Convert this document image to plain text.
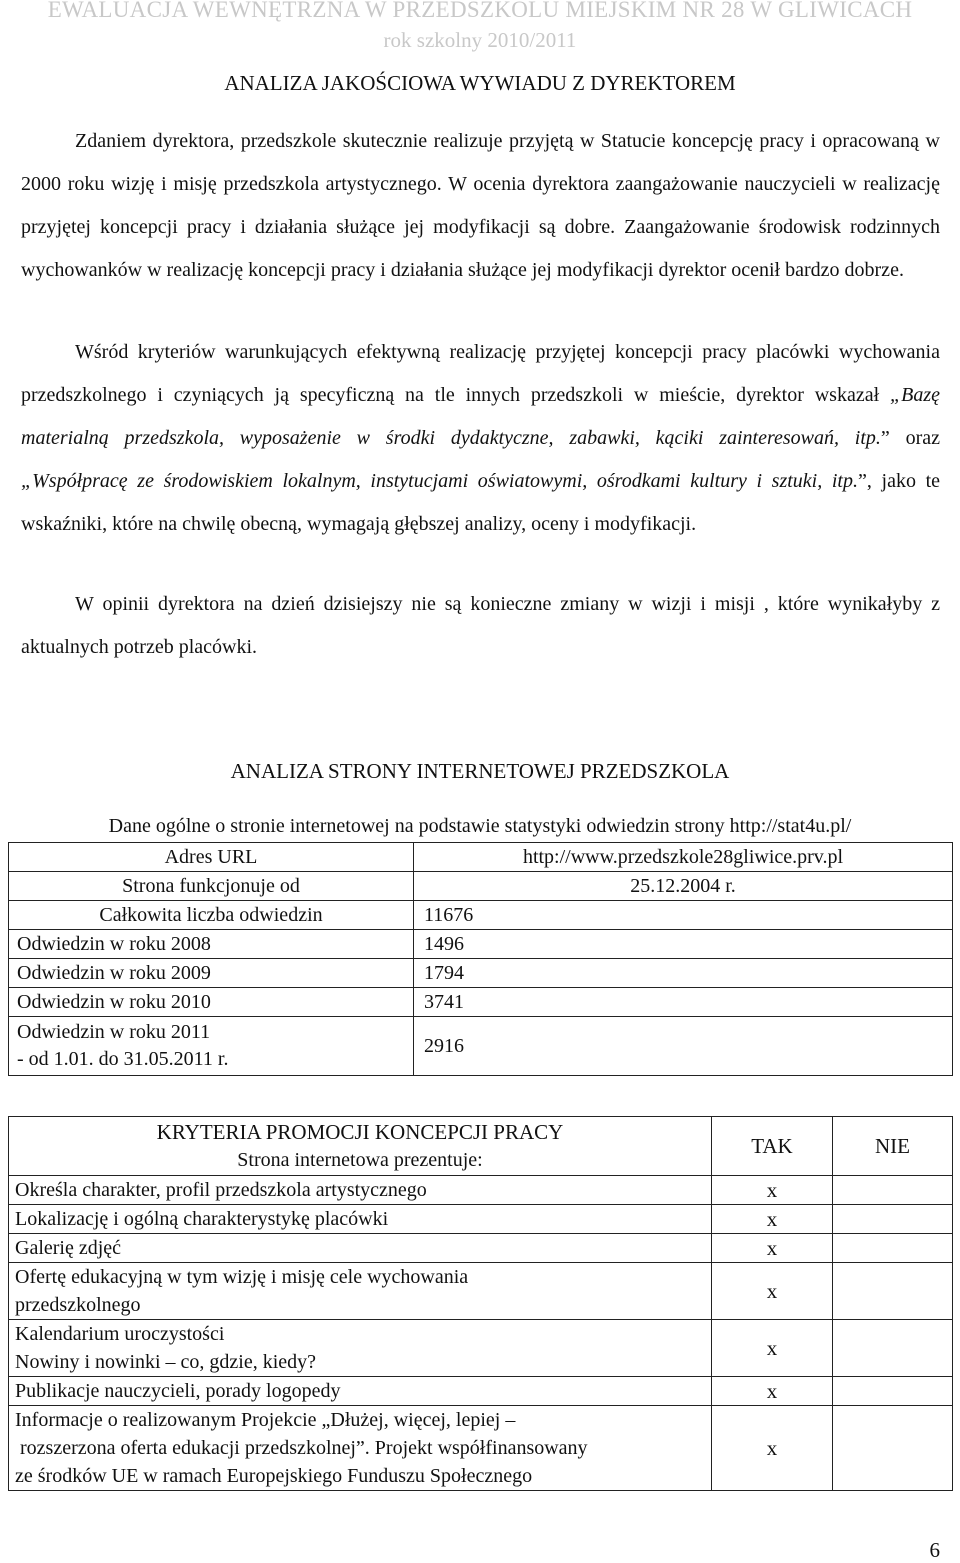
EWALUACJA WEWNĘTRZNA W PRZEDSZKOLU MIEJSKIM NR 28 W GLIWICACH
rok szkolny 2010/2011
ANALIZA JAKOŚCIOWA WYWIADU Z DYREKTOREM
Zdaniem dyrektora, przedszkole skutecznie realizuje przyjętą w Statucie koncepcję pracy i opracowaną w 2000 roku wizję i misję przedszkola artystycznego. W ocenia dyrektora zaangażowanie nauczycieli w realizację przyjętej koncepcji pracy i działania służące jej modyfikacji są dobre. Zaangażowanie środowisk rodzinnych wychowanków w realizację koncepcji pracy i działania służące jej modyfikacji dyrektor ocenił bardzo dobrze.
Wśród kryteriów warunkujących efektywną realizację przyjętej koncepcji pracy placówki wychowania przedszkolnego i czyniących ją specyficzną na tle innych przedszkoli w mieście, dyrektor wskazał „Bazę materialną przedszkola, wyposażenie w środki dydaktyczne, zabawki, kąciki zainteresowań, itp.” oraz „Współpracę ze środowiskiem lokalnym, instytucjami oświatowymi, ośrodkami kultury i sztuki, itp.”, jako te wskaźniki, które na chwilę obecną, wymagają głębszej analizy, oceny i modyfikacji.
W opinii dyrektora na dzień dzisiejszy nie są konieczne zmiany w wizji i misji , które wynikałyby z aktualnych potrzeb placówki.
ANALIZA STRONY INTERNETOWEJ PRZEDSZKOLA
Dane ogólne o stronie internetowej na podstawie statystyki odwiedzin strony http://stat4u.pl/
Adres URL	http://www.przedszkole28gliwice.prv.pl
Strona funkcjonuje od	25.12.2004 r.
Całkowita liczba odwiedzin	11676
Odwiedzin w roku 2008	1496
Odwiedzin w roku 2009	1794
Odwiedzin w roku 2010	3741

Odwiedzin w roku 2011
- od 1.01. do 31.05.2011 r.	2916
KRYTERIA PROMOCJI KONCEPCJI PRACY
Strona internetowa prezentuje:	TAK	NIE
Określa charakter, profil przedszkola artystycznego	x	
Lokalizację i ogólną charakterystykę placówki	x	
Galerię zdjęć	x	

Ofertę edukacyjną w tym wizję i misję cele wychowania
przedszkolnego	x	

Kalendarium uroczystości
Nowiny i nowinki – co, gdzie, kiedy?	x	
Publikacje nauczycieli, porady logopedy	x	

Informacje o realizowanym Projekcie „Dłużej, więcej, lepiej –
rozszerzona oferta edukacji przedszkolnej”. Projekt współfinansowany
ze środków UE w ramach Europejskiego Funduszu Społecznego	x	
6
